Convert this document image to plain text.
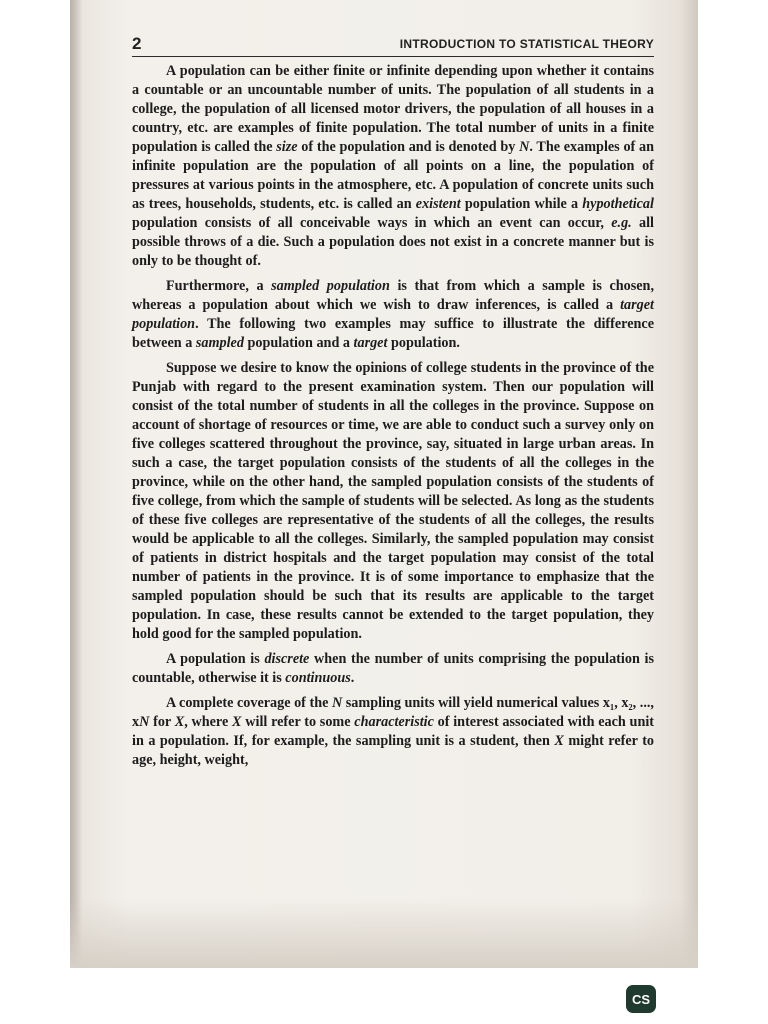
2	INTRODUCTION TO STATISTICAL THEORY

A population can be either finite or infinite depending upon whether it contains a countable or an uncountable number of units. The population of all students in a college, the population of all licensed motor drivers, the population of all houses in a country, etc. are examples of finite population. The total number of units in a finite population is called the size of the population and is denoted by N. The examples of an infinite population are the population of all points on a line, the population of pressures at various points in the atmosphere, etc. A population of concrete units such as trees, households, students, etc. is called an existent population while a hypothetical population consists of all conceivable ways in which an event can occur, e.g. all possible throws of a die. Such a population does not exist in a concrete manner but is only to be thought of.

Furthermore, a sampled population is that from which a sample is chosen, whereas a population about which we wish to draw inferences, is called a target population. The following two examples may suffice to illustrate the difference between a sampled population and a target population.

Suppose we desire to know the opinions of college students in the province of the Punjab with regard to the present examination system. Then our population will consist of the total number of students in all the colleges in the province. Suppose on account of shortage of resources or time, we are able to conduct such a survey only on five colleges scattered throughout the province, say, situated in large urban areas. In such a case, the target population consists of the students of all the colleges in the province, while on the other hand, the sampled population consists of the students of five college, from which the sample of students will be selected. As long as the students of these five colleges are representative of the students of all the colleges, the results would be applicable to all the colleges. Similarly, the sampled population may consist of patients in district hospitals and the target population may consist of the total number of patients in the province. It is of some importance to emphasize that the sampled population should be such that its results are applicable to the target population. In case, these results cannot be extended to the target population, they hold good for the sampled population.

A population is discrete when the number of units comprising the population is countable, otherwise it is continuous.

A complete coverage of the N sampling units will yield numerical values x₁, x₂, ..., xN for X, where X will refer to some characteristic of interest associated with each unit in a population. If, for example, the sampling unit is a student, then X might refer to age, height, weight,

CS
